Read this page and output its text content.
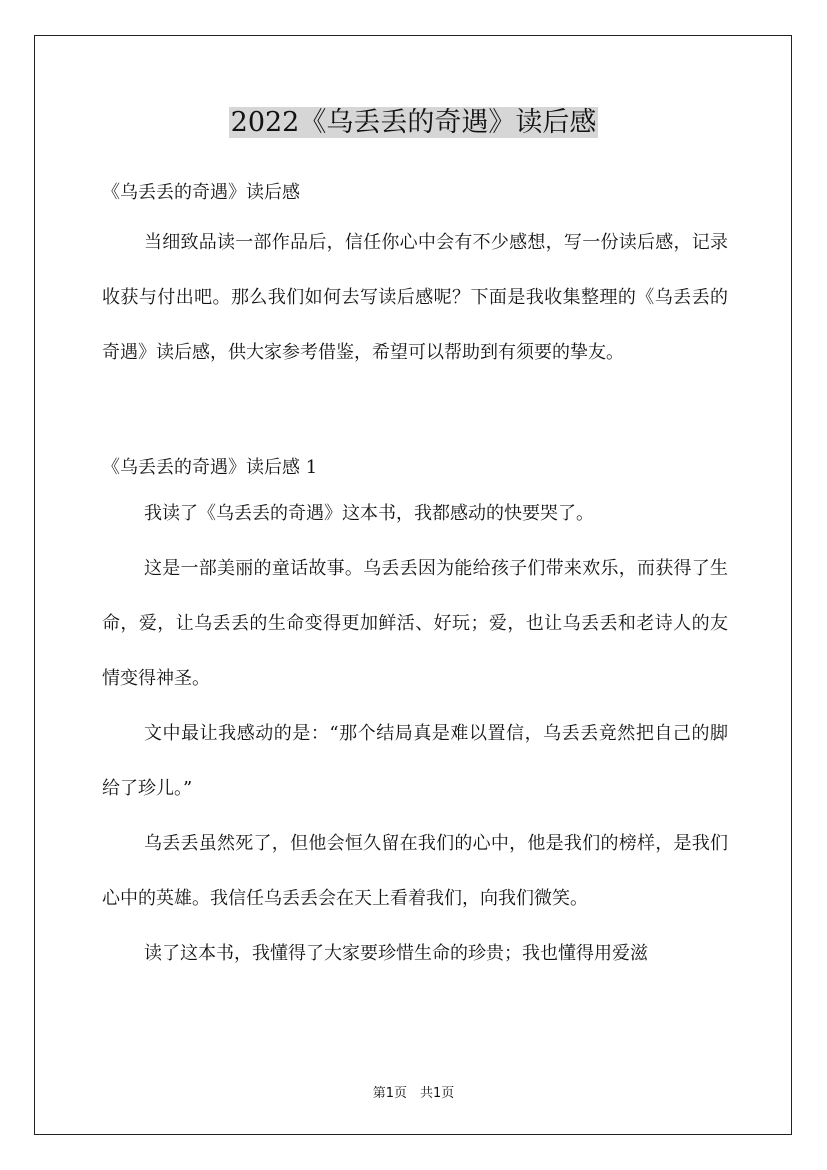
2022《乌丢丢的奇遇》读后感
《乌丢丢的奇遇》读后感

当细致品读一部作品后，信任你心中会有不少感想，写一份读后感，记录收获与付出吧。那么我们如何去写读后感呢？下面是我收集整理的《乌丢丢的奇遇》读后感，供大家参考借鉴，希望可以帮助到有须要的挚友。

《乌丢丢的奇遇》读后感 1

我读了《乌丢丢的奇遇》这本书，我都感动的快要哭了。

这是一部美丽的童话故事。乌丢丢因为能给孩子们带来欢乐，而获得了生命，爱，让乌丢丢的生命变得更加鲜活、好玩；爱，也让乌丢丢和老诗人的友情变得神圣。

文中最让我感动的是：“那个结局真是难以置信，乌丢丢竟然把自己的脚给了珍儿。”

乌丢丢虽然死了，但他会恒久留在我们的心中，他是我们的榜样，是我们心中的英雄。我信任乌丢丢会在天上看着我们，向我们微笑。

读了这本书，我懂得了大家要珍惜生命的珍贵；我也懂得用爱滋

第1页　共1页
